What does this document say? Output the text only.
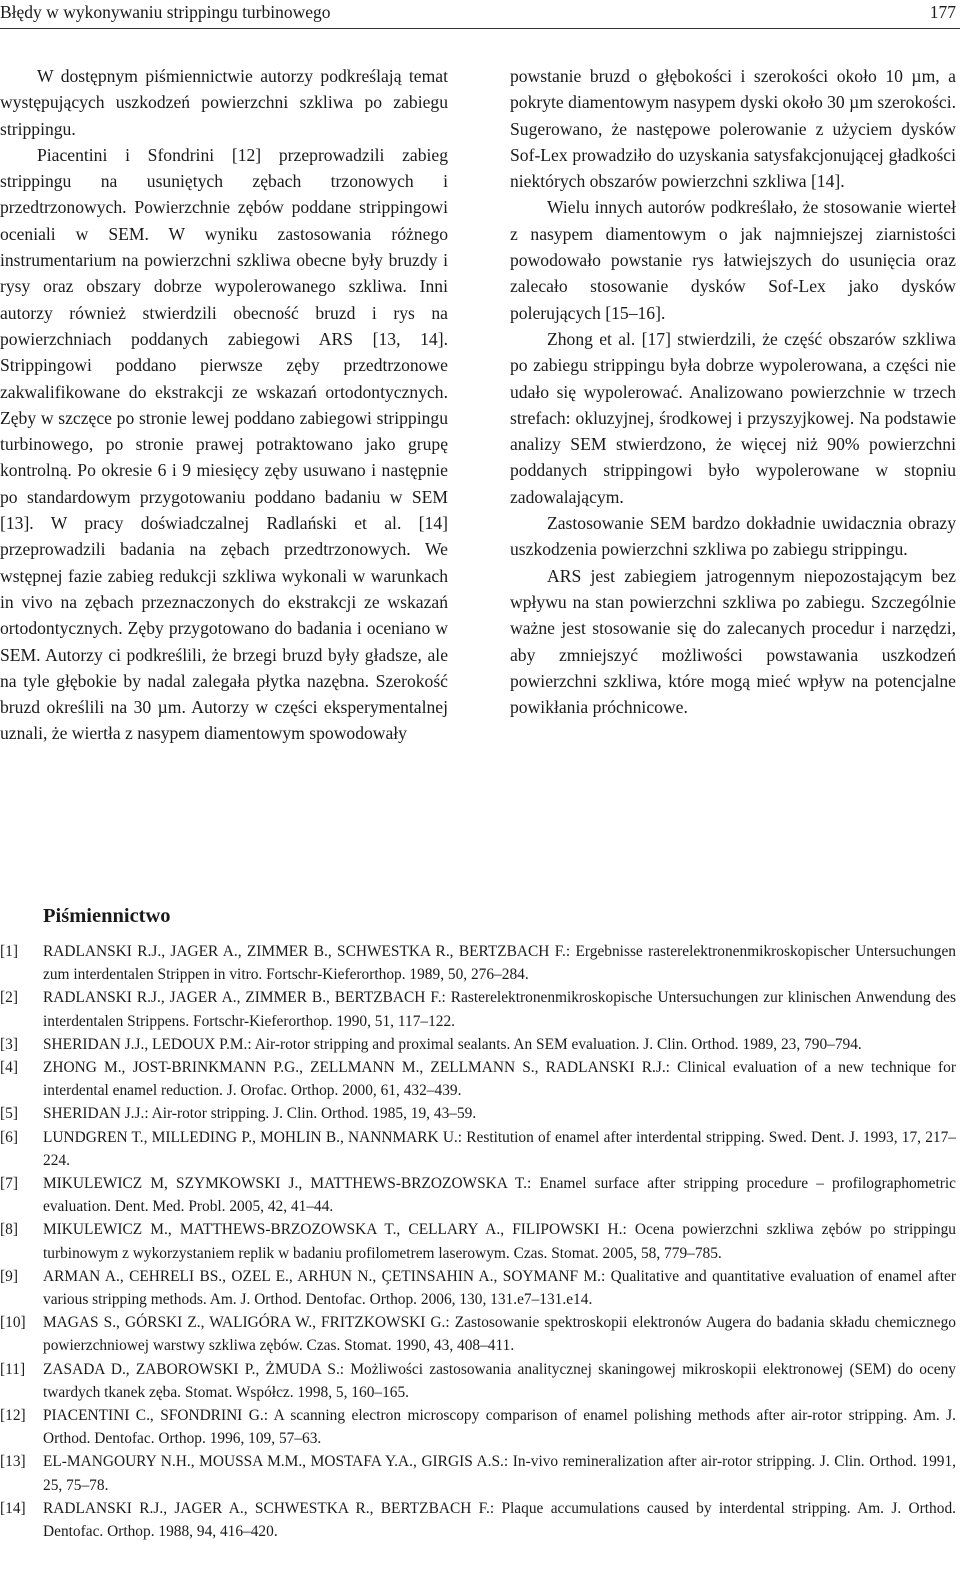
Błędy w wykonywaniu strippingu turbinowego	177

W dostępnym piśmiennictwie autorzy podkreślają temat występujących uszkodzeń powierzchni szkliwa po zabiegu strippingu.

Piacentini i Sfondrini [12] przeprowadzili zabieg strippingu na usuniętych zębach trzonowych i przedtrzonowych. Powierzchnie zębów poddane strippingowi oceniali w SEM. W wyniku zastosowania różnego instrumentarium na powierzchni szkliwa obecne były bruzdy i rysy oraz obszary dobrze wypolerowanego szkliwa. Inni autorzy również stwierdzili obecność bruzd i rys na powierzchniach poddanych zabiegowi ARS [13, 14]. Strippingowi poddano pierwsze zęby przedtrzonowe zakwalifikowane do ekstrakcji ze wskazań ortodontycznych. Zęby w szczęce po stronie lewej poddano zabiegowi strippingu turbinowego, po stronie prawej potraktowano jako grupę kontrolną. Po okresie 6 i 9 miesięcy zęby usuwano i następnie po standardowym przygotowaniu poddano badaniu w SEM [13]. W pracy doświadczalnej Radlański et al. [14] przeprowadzili badania na zębach przedtrzonowych. We wstępnej fazie zabieg redukcji szkliwa wykonali w warunkach in vivo na zębach przeznaczonych do ekstrakcji ze wskazań ortodontycznych. Zęby przygotowano do badania i oceniano w SEM. Autorzy ci podkreślili, że brzegi bruzd były gładsze, ale na tyle głębokie by nadal zalegała płytka nazębna. Szerokość bruzd określili na 30 µm. Autorzy w części eksperymentalnej uznali, że wiertła z nasypem diamentowym spowodowały

powstanie bruzd o głębokości i szerokości około 10 µm, a pokryte diamentowym nasypem dyski około 30 µm szerokości. Sugerowano, że następowe polerowanie z użyciem dysków Sof-Lex prowadziło do uzyskania satysfakcjonującej gładkości niektórych obszarów powierzchni szkliwa [14].

Wielu innych autorów podkreślało, że stosowanie wierteł z nasypem diamentowym o jak najmniejszej ziarnistości powodowało powstanie rys łatwiejszych do usunięcia oraz zalecało stosowanie dysków Sof-Lex jako dysków polerujących [15–16].

Zhong et al. [17] stwierdzili, że część obszarów szkliwa po zabiegu strippingu była dobrze wypolerowana, a części nie udało się wypolerować. Analizowano powierzchnie w trzech strefach: okluzyjnej, środkowej i przyszyjkowej. Na podstawie analizy SEM stwierdzono, że więcej niż 90% powierzchni poddanych strippingowi było wypolerowane w stopniu zadowalającym.

Zastosowanie SEM bardzo dokładnie uwidacznia obrazy uszkodzenia powierzchni szkliwa po zabiegu strippingu.

ARS jest zabiegiem jatrogennym niepozostającym bez wpływu na stan powierzchni szkliwa po zabiegu. Szczególnie ważne jest stosowanie się do zalecanych procedur i narzędzi, aby zmniejszyć możliwości powstawania uszkodzeń powierzchni szkliwa, które mogą mieć wpływ na potencjalne powikłania próchnicowe.

Piśmiennictwo
[1]	RADLANSKI R.J., JAGER A., ZIMMER B., SCHWESTKA R., BERTZBACH F.: Ergebnisse rasterelektronenmikroskopischer Untersuchungen zum interdentalen Strippen in vitro. Fortschr-Kieferorthop. 1989, 50, 276–284.
[2]	RADLANSKI R.J., JAGER A., ZIMMER B., BERTZBACH F.: Rasterelektronenmikroskopische Untersuchungen zur klinischen Anwendung des interdentalen Strippens. Fortschr-Kieferorthop. 1990, 51, 117–122.
[3]	SHERIDAN J.J., LEDOUX P.M.: Air-rotor stripping and proximal sealants. An SEM evaluation. J. Clin. Orthod. 1989, 23, 790–794.
[4]	ZHONG M., JOST-BRINKMANN P.G., ZELLMANN M., ZELLMANN S., RADLANSKI R.J.: Clinical evaluation of a new technique for interdental enamel reduction. J. Orofac. Orthop. 2000, 61, 432–439.
[5]	SHERIDAN J.J.: Air-rotor stripping. J. Clin. Orthod. 1985, 19, 43–59.
[6]	LUNDGREN T., MILLEDING P., MOHLIN B., NANNMARK U.: Restitution of enamel after interdental stripping. Swed. Dent. J. 1993, 17, 217–224.
[7]	MIKULEWICZ M, SZYMKOWSKI J., MATTHEWS-BRZOZOWSKA T.: Enamel surface after stripping procedure – profilographometric evaluation. Dent. Med. Probl. 2005, 42, 41–44.
[8]	MIKULEWICZ M., MATTHEWS-BRZOZOWSKA T., CELLARY A., FILIPOWSKI H.: Ocena powierzchni szkliwa zębów po strippingu turbinowym z wykorzystaniem replik w badaniu profilometrem laserowym. Czas. Stomat. 2005, 58, 779–785.
[9]	ARMAN A., CEHRELI BS., OZEL E., ARHUN N., ÇETINSAHIN A., SOYMANF M.: Qualitative and quantitative evaluation of enamel after various stripping methods. Am. J. Orthod. Dentofac. Orthop. 2006, 130, 131.e7–131.e14.
[10]	MAGAS S., GÓRSKI Z., WALIGÓRA W., FRITZKOWSKI G.: Zastosowanie spektroskopii elektronów Augera do badania składu chemicznego powierzchniowej warstwy szkliwa zębów. Czas. Stomat. 1990, 43, 408–411.
[11]	ZASADA D., ZABOROWSKI P., ŻMUDA S.: Możliwości zastosowania analitycznej skaningowej mikroskopii elektronowej (SEM) do oceny twardych tkanek zęba. Stomat. Współcz. 1998, 5, 160–165.
[12]	PIACENTINI C., SFONDRINI G.: A scanning electron microscopy comparison of enamel polishing methods after air-rotor stripping. Am. J. Orthod. Dentofac. Orthop. 1996, 109, 57–63.
[13]	EL-MANGOURY N.H., MOUSSA M.M., MOSTAFA Y.A., GIRGIS A.S.: In-vivo remineralization after air-rotor stripping. J. Clin. Orthod. 1991, 25, 75–78.
[14]	RADLANSKI R.J., JAGER A., SCHWESTKA R., BERTZBACH F.: Plaque accumulations caused by interdental stripping. Am. J. Orthod. Dentofac. Orthop. 1988, 94, 416–420.
